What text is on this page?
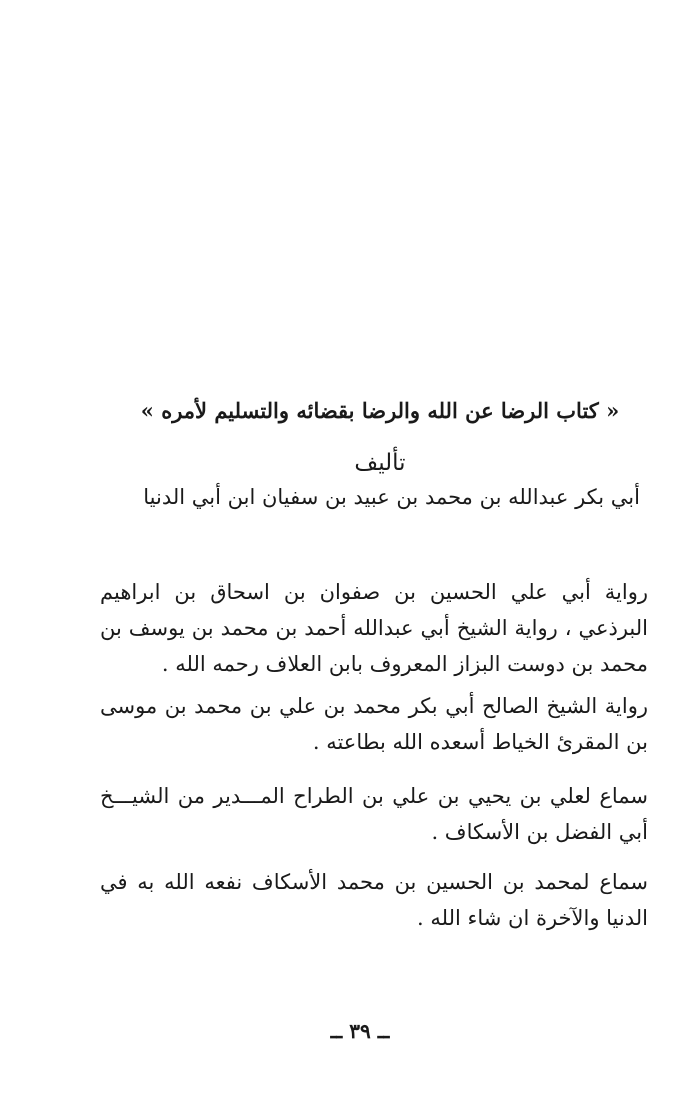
« كتاب الرضا عن الله والرضا بقضائه والتسليم لأمره »
تأليف
أبي بكر عبدالله بن محمد بن عبيد بن سفيان ابن أبي الدنيا

رواية أبي علي الحسين بن صفوان بن اسحاق بن ابراهيم البرذعي ، رواية الشيخ أبي عبدالله أحمد بن محمد بن يوسف بن محمد بن دوست البزاز المعروف بابن العلاف رحمه الله .

رواية الشيخ الصالح أبي بكر محمد بن علي بن محمد بن موسى بن المقرئ الخياط أسعده الله بطاعته .

سماع لعلي بن يحيي بن علي بن الطراح المـــدير من الشيـــخ أبي الفضل بن الأسكاف .

سماع لمحمد بن الحسين بن محمد الأسكاف نفعه الله به في الدنيا والآخرة ان شاء الله .

ــ ٣٩ ــ
